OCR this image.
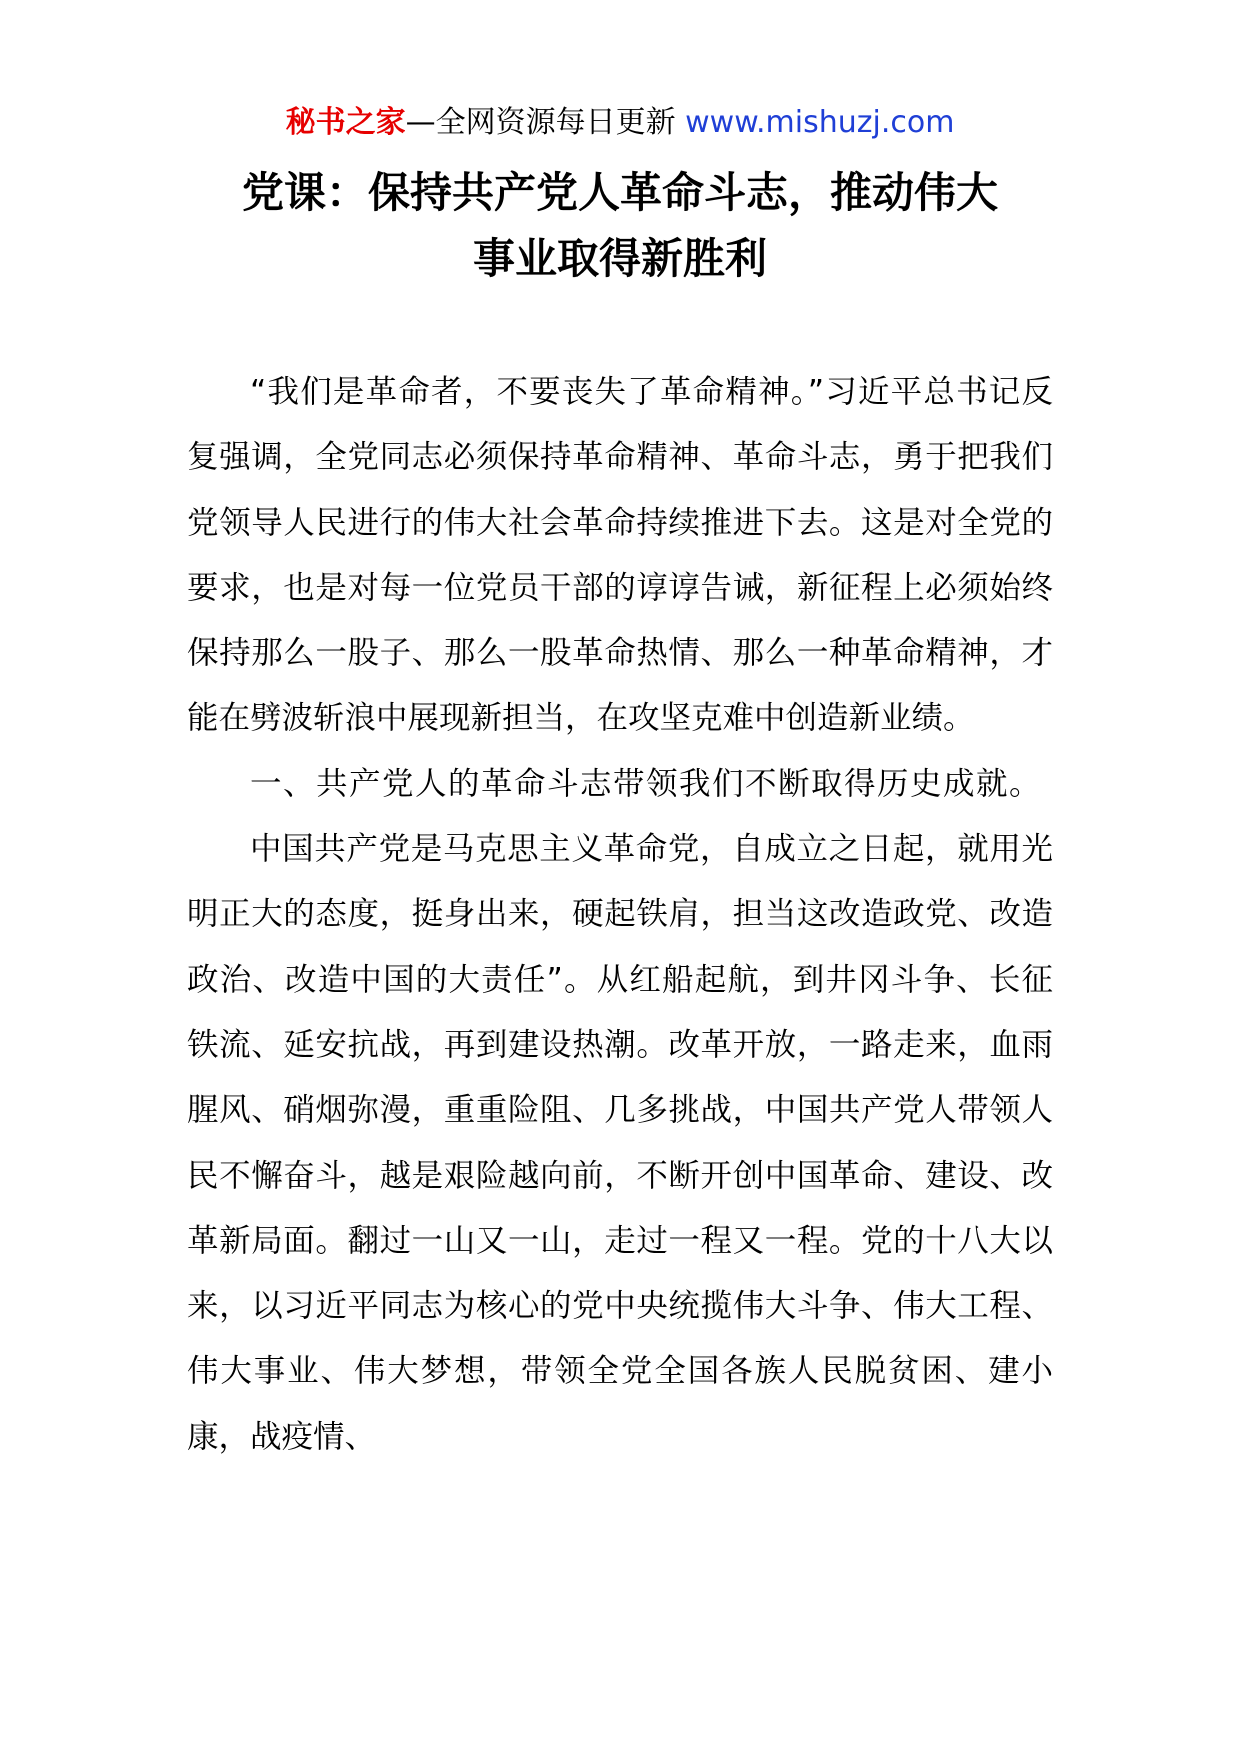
秘书之家—全网资源每日更新 www.mishuzj.com
党课：保持共产党人革命斗志，推动伟大
事业取得新胜利

“我们是革命者，不要丧失了革命精神。”习近平总书记反复强调，全党同志必须保持革命精神、革命斗志，勇于把我们党领导人民进行的伟大社会革命持续推进下去。这是对全党的要求，也是对每一位党员干部的谆谆告诫，新征程上必须始终保持那么一股子、那么一股革命热情、那么一种革命精神，才能在劈波斩浪中展现新担当，在攻坚克难中创造新业绩。

一、共产党人的革命斗志带领我们不断取得历史成就。

中国共产党是马克思主义革命党，自成立之日起，就用光明正大的态度，挺身出来，硬起铁肩，担当这改造政党、改造政治、改造中国的大责任”。从红船起航，到井冈斗争、长征铁流、延安抗战，再到建设热潮。改革开放，一路走来，血雨腥风、硝烟弥漫，重重险阻、几多挑战，中国共产党人带领人民不懈奋斗，越是艰险越向前，不断开创中国革命、建设、改革新局面。翻过一山又一山，走过一程又一程。党的十八大以来，以习近平同志为核心的党中央统揽伟大斗争、伟大工程、伟大事业、伟大梦想，带领全党全国各族人民脱贫困、建小康，战疫情、
